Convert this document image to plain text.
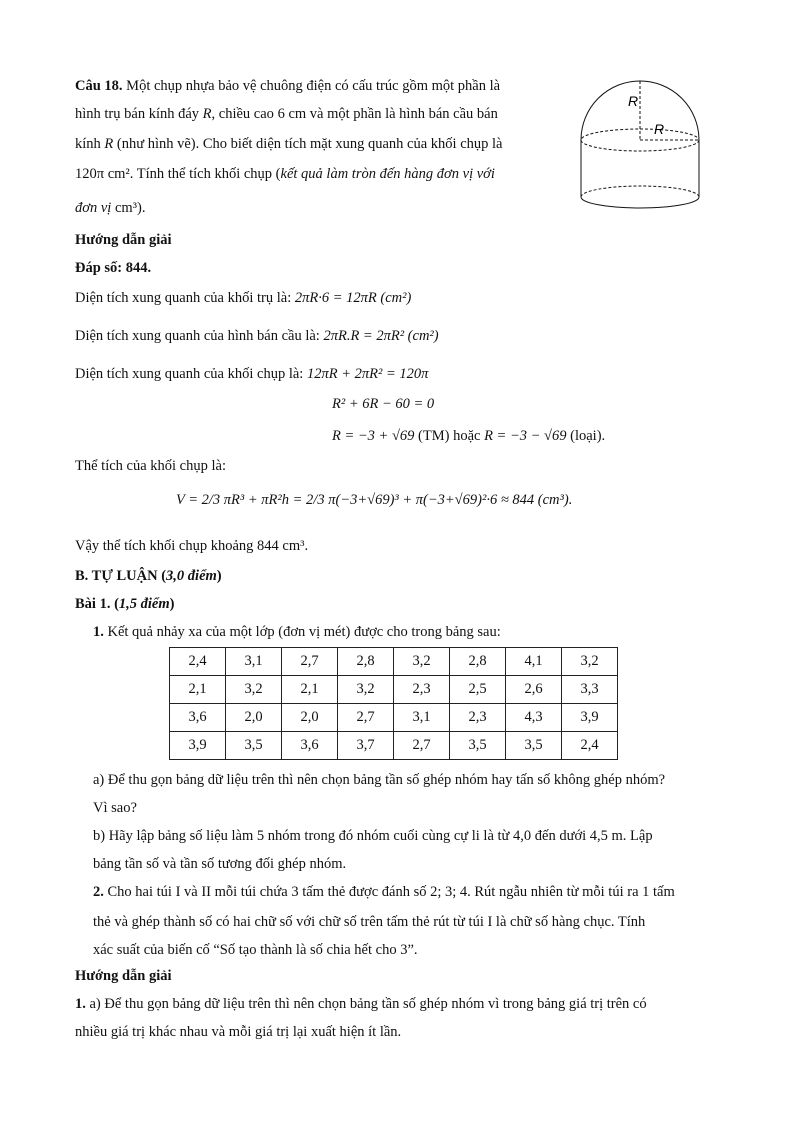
Câu 18. Một chụp nhựa bảo vệ chuông điện có cấu trúc gồm một phần là
hình trụ bán kính đáy R, chiều cao 6 cm và một phần là hình bán cầu bán
kính R (như hình vẽ). Cho biết diện tích mặt xung quanh của khối chụp là
120π cm². Tính thể tích khối chụp (kết quả làm tròn đến hàng đơn vị với
đơn vị cm³).
R
R
Hướng dẫn giải
Đáp số: 844.
Diện tích xung quanh của khối trụ là: 2πR·6 = 12πR (cm²)
Diện tích xung quanh của hình bán cầu là: 2πR.R = 2πR² (cm²)
Diện tích xung quanh của khối chụp là: 12πR + 2πR² = 120π
R² + 6R − 60 = 0
R = −3 + √69 (TM) hoặc R = −3 − √69 (loại).
Thể tích của khối chụp là:
V = 2/3 πR³ + πR²h = 2/3 π(−3+√69)³ + π(−3+√69)²·6 ≈ 844 (cm³).
Vậy thể tích khối chụp khoảng 844 cm³.
B. TỰ LUẬN (3,0 điểm)
Bài 1. (1,5 điểm)
1. Kết quả nhảy xa của một lớp (đơn vị mét) được cho trong bảng sau:
2,4	3,1	2,7	2,8	3,2	2,8	4,1	3,2
2,1	3,2	2,1	3,2	2,3	2,5	2,6	3,3
3,6	2,0	2,0	2,7	3,1	2,3	4,3	3,9
3,9	3,5	3,6	3,7	2,7	3,5	3,5	2,4
a) Để thu gọn bảng dữ liệu trên thì nên chọn bảng tần số ghép nhóm hay tấn số không ghép nhóm?
Vì sao?
b) Hãy lập bảng số liệu làm 5 nhóm trong đó nhóm cuối cùng cự li là từ 4,0 đến dưới 4,5 m. Lập
bảng tần số và tần số tương đối ghép nhóm.
2. Cho hai túi I và II mỗi túi chứa 3 tấm thẻ được đánh số 2; 3; 4. Rút ngẫu nhiên từ mỗi túi ra 1 tấm
thẻ và ghép thành số có hai chữ số với chữ số trên tấm thẻ rút từ túi I là chữ số hàng chục. Tính
xác suất của biến cố “Số tạo thành là số chia hết cho 3”.
Hướng dẫn giải
1. a) Để thu gọn bảng dữ liệu trên thì nên chọn bảng tần số ghép nhóm vì trong bảng giá trị trên có
nhiều giá trị khác nhau và mỗi giá trị lại xuất hiện ít lần.
